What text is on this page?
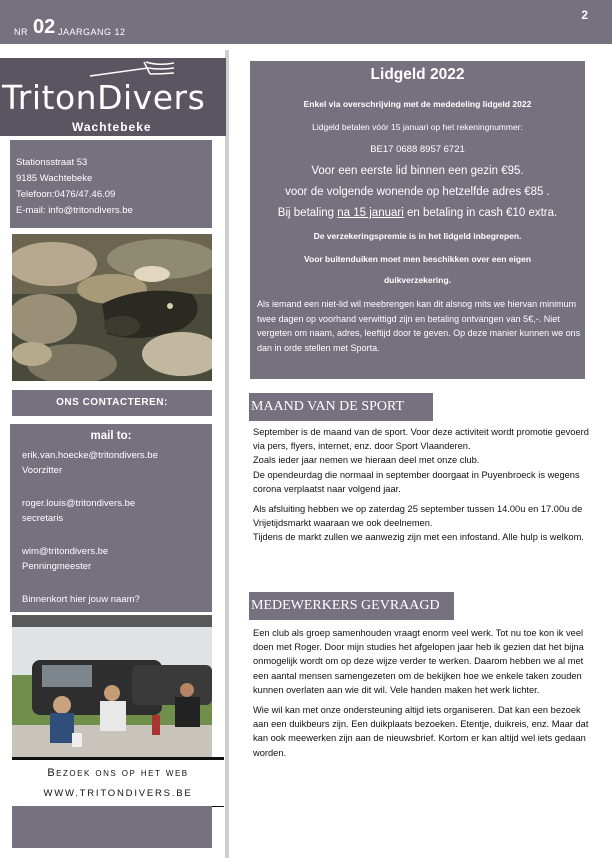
NR 02 JAARGANG 12
2
TritonDivers
Wachtebeke
Stationsstraat 53
9185 Wachtebeke
Telefoon:0476/47.46.09
E-mail: info@tritondivers.be
ONS CONTACTEREN:
mail to:
erik.van.hoecke@tritondivers.be
Voorzitter
roger.louis@tritondivers.be
secretaris
wim@tritondivers.be
Penningmeester
Binnenkort hier jouw naam?
Bezoek ons op het web
WWW.TRITONDIVERS.BE
Lidgeld 2022
Enkel via overschrijving met de mededeling lidgeld 2022
Lidgeld betalen vóór 15 januari op het rekeningnummer:
BE17 0688 8957 6721
Voor een eerste lid binnen een gezin €95.
voor de volgende wonende op hetzelfde adres €85 .
Bij betaling na 15 januari en betaling in cash €10 extra.
De verzekeringspremie is in het lidgeld inbegrepen.
Voor buitenduiken moet men beschikken over een eigen
duikverzekering.
Als iemand een niet-lid wil meebrengen kan dit alsnog mits we hiervan minimum twee dagen op voorhand verwittigd zijn en betaling ontvangen van 5€,-. Niet vergeten om naam, adres, leeftijd door te geven. Op deze manier kunnen we ons dan in orde stellen met Sporta.
MAAND VAN DE SPORT

September is de maand van de sport. Voor deze activiteit wordt promotie gevoerd via pers, flyers, internet, enz. door Sport Vlaanderen.

Zoals ieder jaar nemen we hieraan deel met onze club.

De opendeurdag die normaal in september doorgaat in Puyenbroeck is wegens corona verplaatst naar volgend jaar.

Als afsluiting hebben we op zaterdag 25 september tussen 14.00u en 17.00u de Vrijetijdsmarkt waaraan we ook deelnemen.

Tijdens de markt zullen we aanwezig zijn met een infostand. Alle hulp is welkom.

MEDEWERKERS GEVRAAGD

Een club als groep samenhouden vraagt enorm veel werk. Tot nu toe kon ik veel doen met Roger. Door mijn studies het afgelopen jaar heb ik gezien dat het bijna onmogelijk wordt om op deze wijze verder te werken. Daarom hebben we al met een aantal mensen samengezeten om de bekijken hoe we enkele taken zouden kunnen overlaten aan wie dit wil. Vele handen maken het werk lichter.

Wie wil kan met onze ondersteuning altijd iets organiseren. Dat kan een bezoek aan een duikbeurs zijn. Een duikplaats bezoeken. Etentje, duikreis, enz. Maar dat kan ook meewerken zijn aan de nieuwsbrief. Kortom er kan altijd wel iets gedaan worden.
